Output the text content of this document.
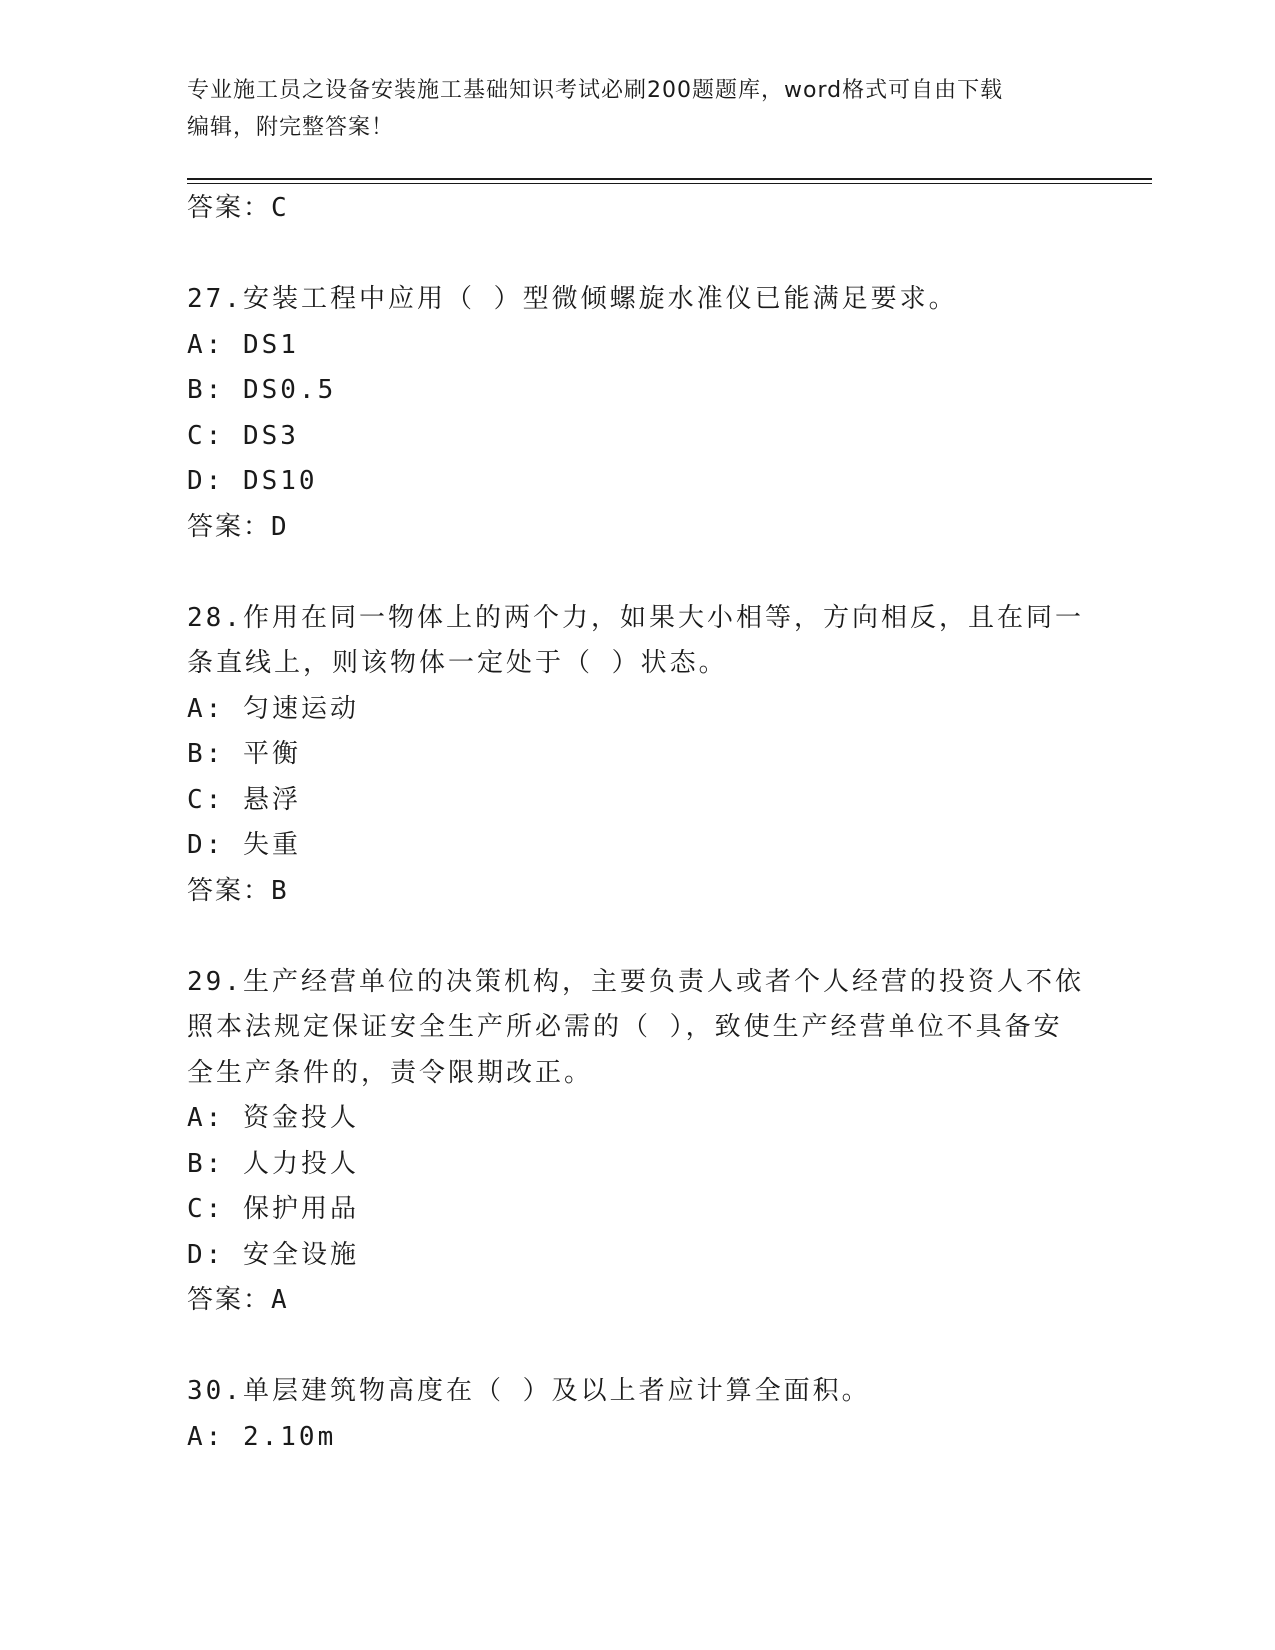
专业施工员之设备安装施工基础知识考试必刷200题题库，word格式可自由下载
编辑，附完整答案！
答案：C
27.安装工程中应用（ ）型微倾螺旋水准仪已能满足要求。
A: DS1
B: DS0.5
C: DS3
D: DS10
答案：D
28.作用在同一物体上的两个力，如果大小相等，方向相反，且在同一
条直线上，则该物体一定处于（ ）状态。
A: 匀速运动
B: 平衡
C: 悬浮
D: 失重
答案：B
29.生产经营单位的决策机构，主要负责人或者个人经营的投资人不依
照本法规定保证安全生产所必需的（ ），致使生产经营单位不具备安
全生产条件的，责令限期改正。
A: 资金投人
B: 人力投人
C: 保护用品
D: 安全设施
答案：A
30.单层建筑物高度在（ ）及以上者应计算全面积。
A: 2.10m
